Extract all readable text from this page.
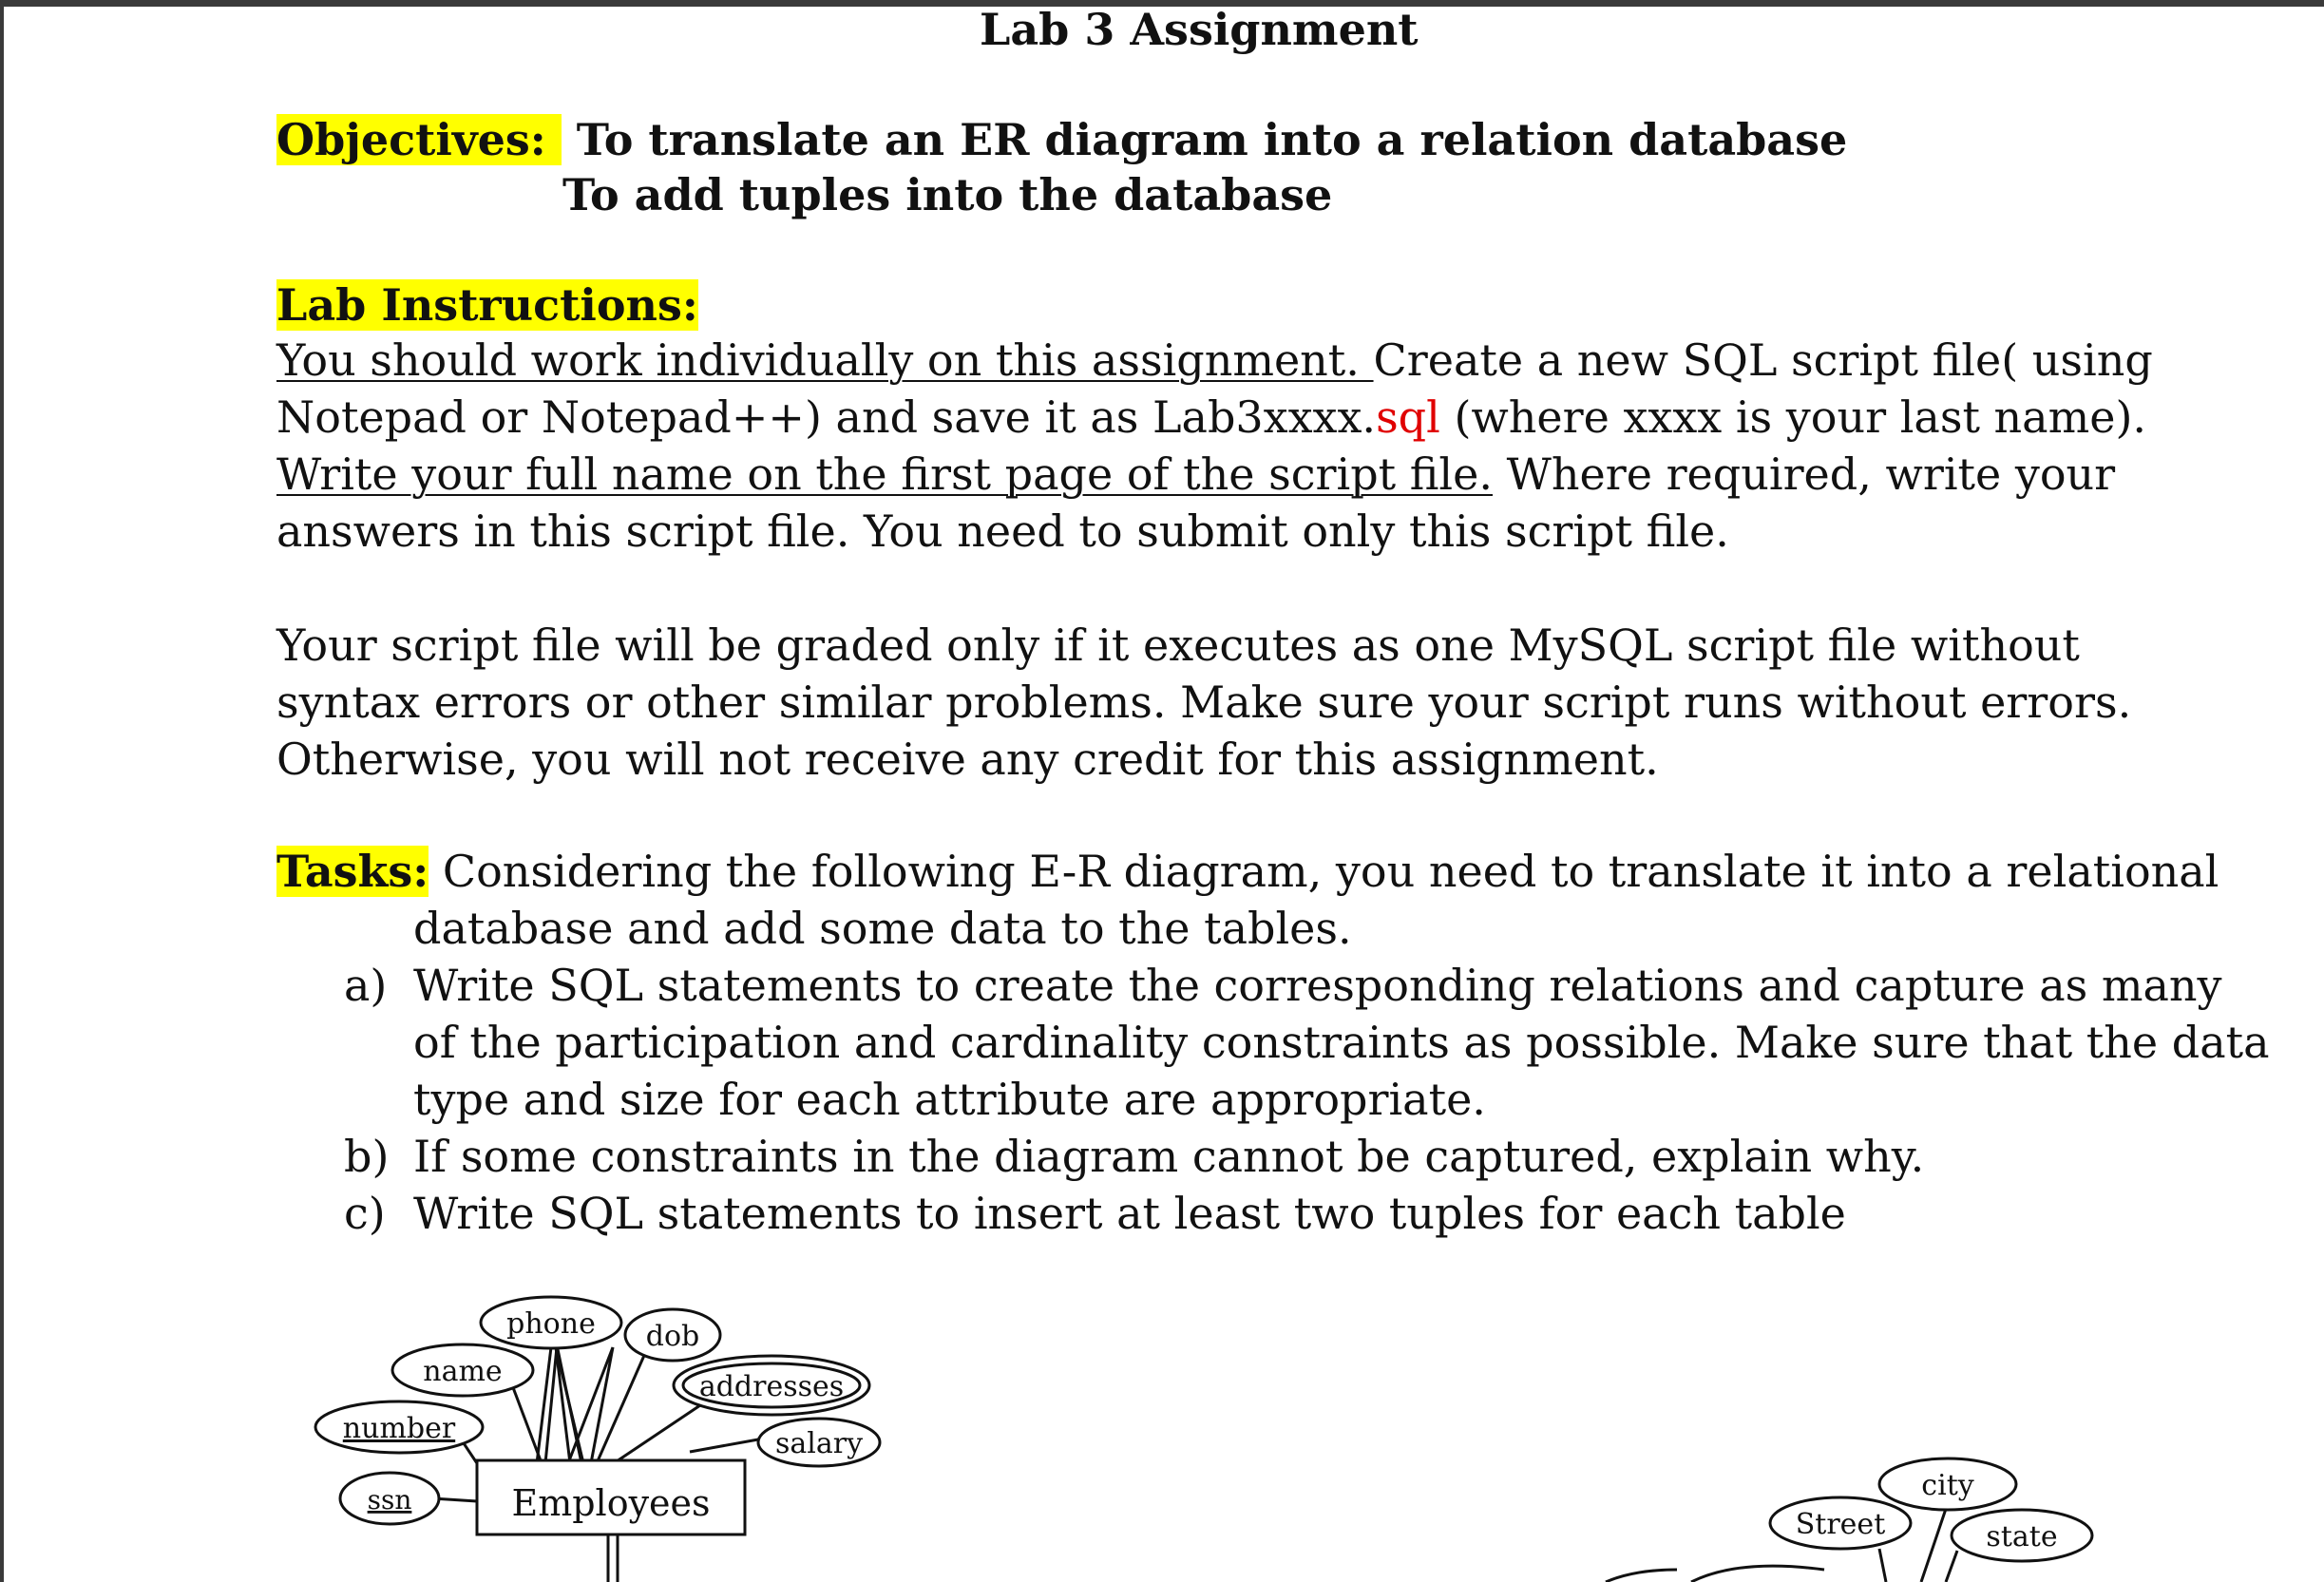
Lab 3 Assignment
Objectives: To translate an ER diagram into a relation database
To add tuples into the database
Lab Instructions:
You should work individually on this assignment. Create a new SQL script file( using
Notepad or Notepad++) and save it as Lab3xxxx.sql (where xxxx is your last name).
Write your full name on the first page of the script file. Where required, write your
answers in this script file. You need to submit only this script file.
Your script file will be graded only if it executes as one MySQL script file without
syntax errors or other similar problems. Make sure your script runs without errors.
Otherwise, you will not receive any credit for this assignment.
Tasks: Considering the following E-R diagram, you need to translate it into a relational
database and add some data to the tables.
a) Write SQL statements to create the corresponding relations and capture as many
of the participation and cardinality constraints as possible. Make sure that the data
type and size for each attribute are appropriate.
b) If some constraints in the diagram cannot be captured, explain why.
c) Write SQL statements to insert at least two tuples for each table
Employees
phone dob
name	addresses
number	salary
ssn	city
Street	state
